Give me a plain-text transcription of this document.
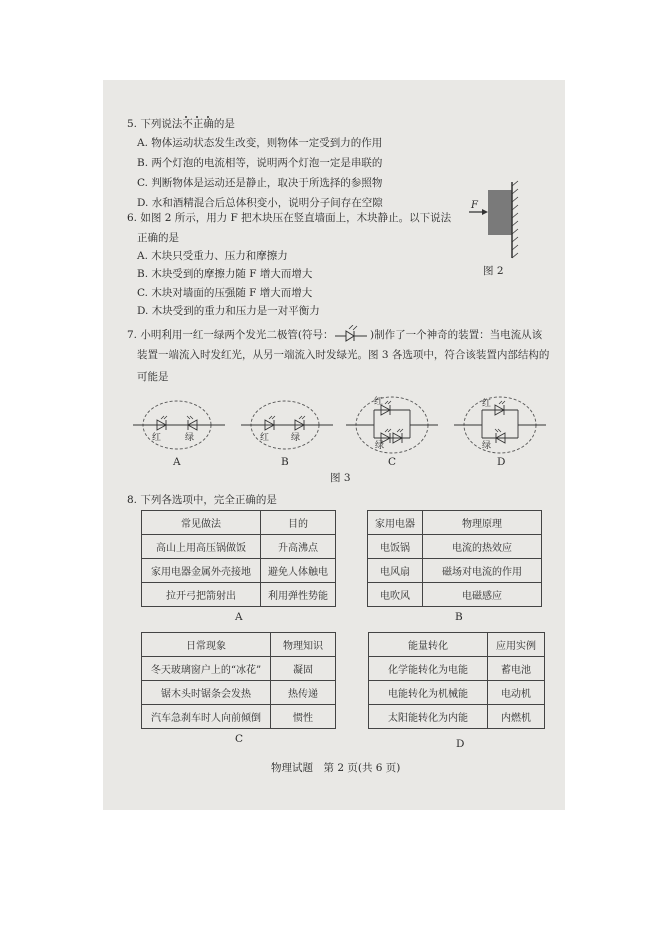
5. 下列说法不正确的是
A. 物体运动状态发生改变，则物体一定受到力的作用
B. 两个灯泡的电流相等，说明两个灯泡一定是串联的
C. 判断物体是运动还是静止，取决于所选择的参照物
D. 水和酒精混合后总体积变小，说明分子间存在空隙
6. 如图 2 所示，用力 F 把木块压在竖直墙面上，木块静止。以下说法
正确的是
A. 木块只受重力、压力和摩擦力
B. 木块受到的摩擦力随 F 增大而增大
C. 木块对墙面的压强随 F 增大而增大
D. 木块受到的重力和压力是一对平衡力
F
图 2
7. 小明利用一红一绿两个发光二极管(符号：	)制作了一个神奇的装置：当电流从该
装置一端流入时发红光，从另一端流入时发绿光。图 3 各选项中，符合该装置内部结构的
可能是
红	绿	红 绿
红
绿
红
绿
A	B	C	D
图 3
8. 下列各选项中，完全正确的是
常见做法	目的
高山上用高压锅做饭	升高沸点
家用电器金属外壳接地	避免人体触电
拉开弓把箭射出	利用弹性势能
A
家用电器	物理原理
电饭锅	电流的热效应
电风扇	磁场对电流的作用
电吹风	电磁感应
B
日常现象	物理知识
冬天玻璃窗户上的“冰花”	凝固
锯木头时锯条会发热	热传递
汽车急刹车时人向前倾倒	惯性
C
能量转化	应用实例
化学能转化为电能	蓄电池
电能转化为机械能	电动机
太阳能转化为内能	内燃机
D
物理试题　第 2 页(共 6 页)
